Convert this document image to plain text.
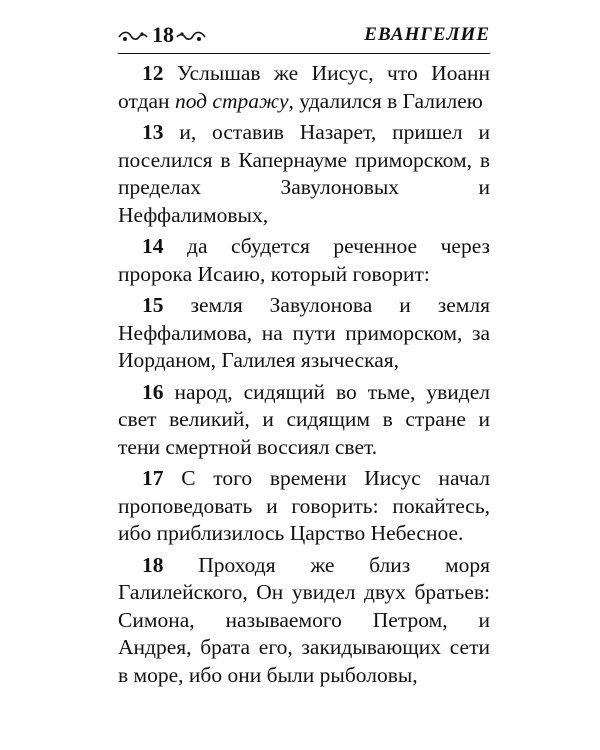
18	ЕВАНГЕЛИЕ

12 Услышав же Иисус, что Иоанн отдан под стражу, удалился в Галилею

13 и, оставив Назарет, пришел и поселился в Капернауме приморском, в пределах Завулоновых и Неффалимовых,

14 да сбудется реченное через пророка Исаию, который говорит:

15 земля Завулонова и земля Неффалимова, на пути приморском, за Иорданом, Галилея языческая,

16 народ, сидящий во тьме, увидел свет великий, и сидящим в стране и тени смертной воссиял свет.

17 С того времени Иисус начал проповедовать и говорить: покайтесь, ибо приблизилось Царство Небесное.

18 Проходя же близ моря Галилейского, Он увидел двух братьев: Симона, называемого Петром, и Андрея, брата его, закидывающих сети в море, ибо они были рыболовы,
